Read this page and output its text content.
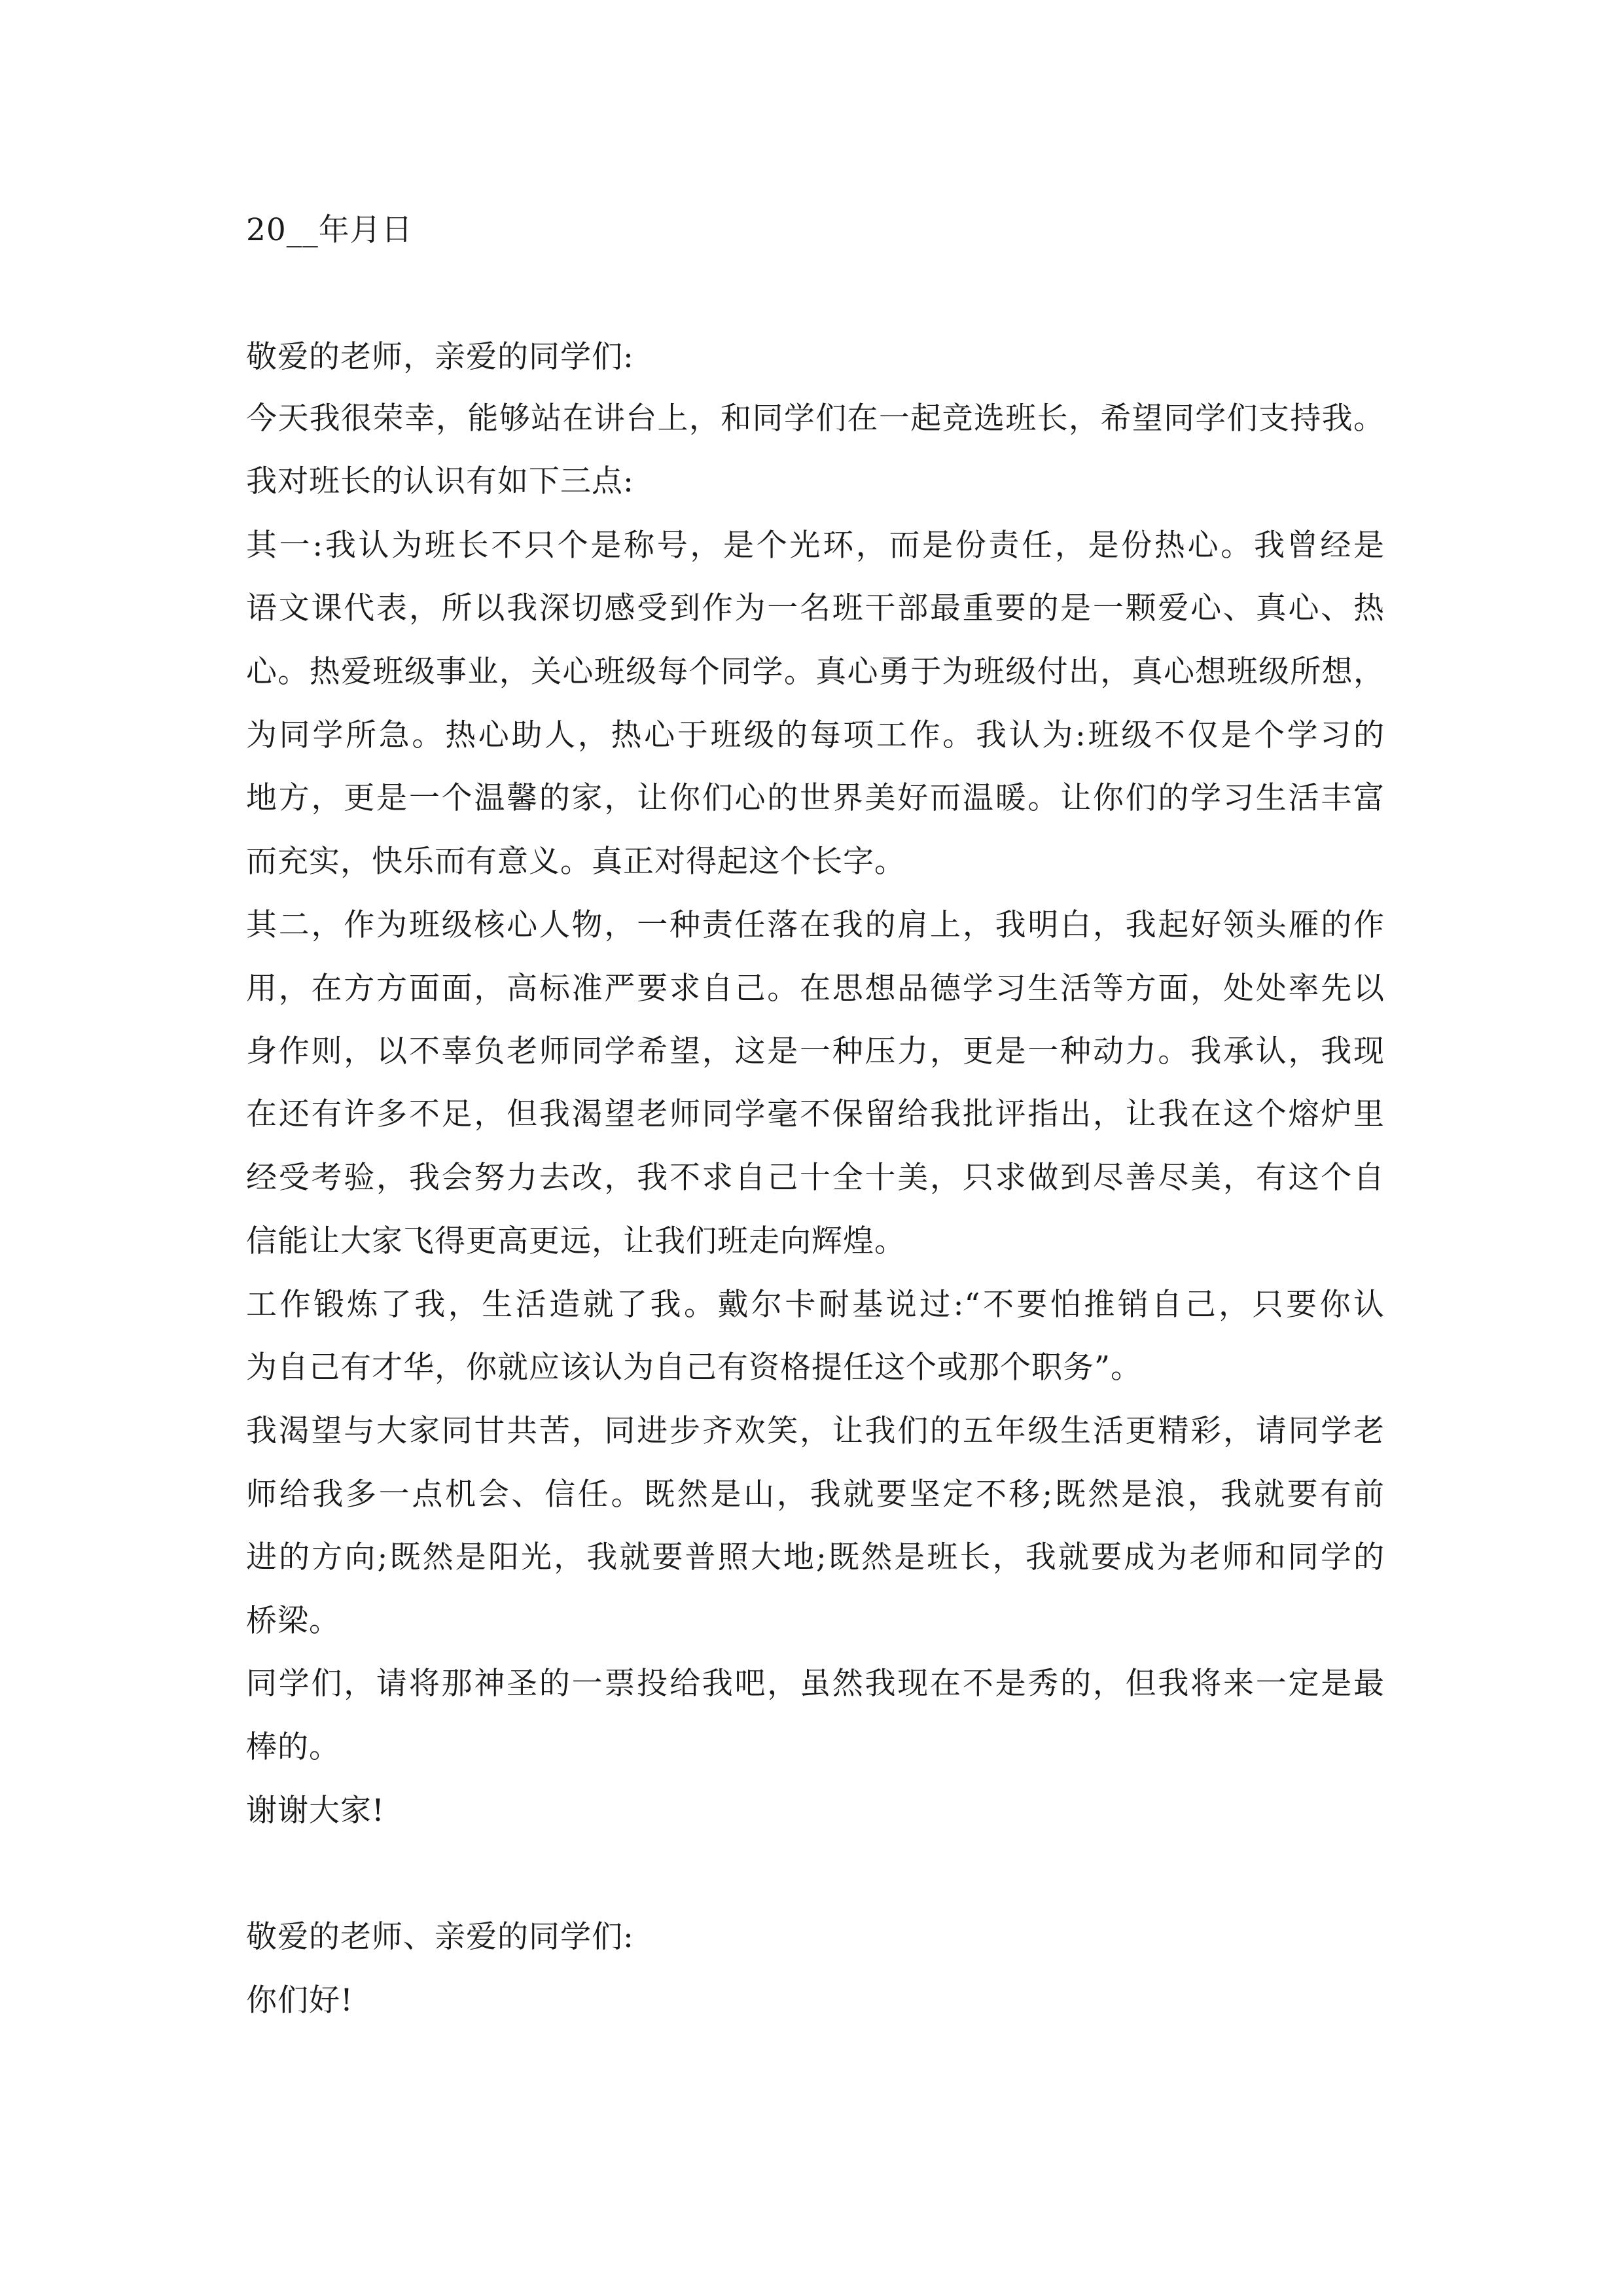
20__年月日
敬爱的老师，亲爱的同学们:
今天我很荣幸，能够站在讲台上，和同学们在一起竞选班长，希望同学们支持我。
我对班长的认识有如下三点:
其一:我认为班长不只个是称号，是个光环，而是份责任，是份热心。我曾经是
语文课代表，所以我深切感受到作为一名班干部最重要的是一颗爱心、真心、热
心。热爱班级事业，关心班级每个同学。真心勇于为班级付出，真心想班级所想，
为同学所急。热心助人，热心于班级的每项工作。我认为:班级不仅是个学习的
地方，更是一个温馨的家，让你们心的世界美好而温暖。让你们的学习生活丰富
而充实，快乐而有意义。真正对得起这个长字。
其二，作为班级核心人物，一种责任落在我的肩上，我明白，我起好领头雁的作
用，在方方面面，高标准严要求自己。在思想品德学习生活等方面，处处率先以
身作则，以不辜负老师同学希望，这是一种压力，更是一种动力。我承认，我现
在还有许多不足，但我渴望老师同学毫不保留给我批评指出，让我在这个熔炉里
经受考验，我会努力去改，我不求自己十全十美，只求做到尽善尽美，有这个自
信能让大家飞得更高更远，让我们班走向辉煌。
工作锻炼了我，生活造就了我。戴尔卡耐基说过:“不要怕推销自己，只要你认
为自己有才华，你就应该认为自己有资格提任这个或那个职务”。
我渴望与大家同甘共苦，同进步齐欢笑，让我们的五年级生活更精彩，请同学老
师给我多一点机会、信任。既然是山，我就要坚定不移;既然是浪，我就要有前
进的方向;既然是阳光，我就要普照大地;既然是班长，我就要成为老师和同学的
桥梁。
同学们，请将那神圣的一票投给我吧，虽然我现在不是秀的，但我将来一定是最
棒的。
谢谢大家!
敬爱的老师、亲爱的同学们:
你们好!
